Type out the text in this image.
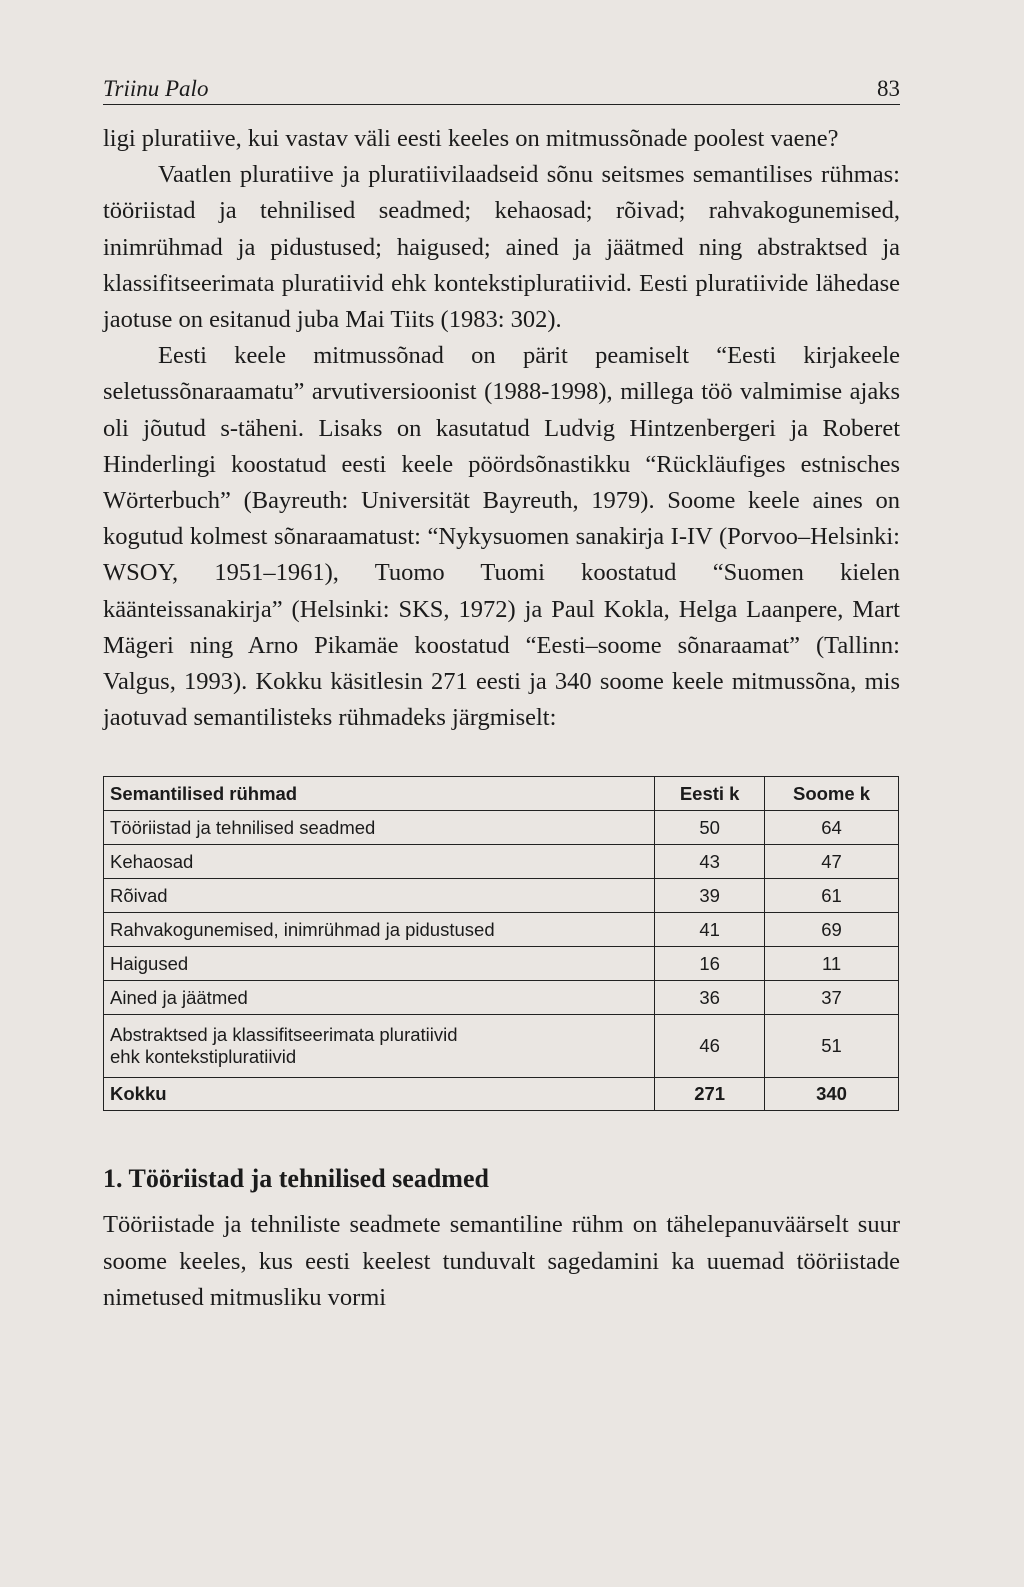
Triinu Palo	83

ligi pluratiive, kui vastav väli eesti keeles on mitmussõnade poolest vaene?

Vaatlen pluratiive ja pluratiivilaadseid sõnu seitsmes semantilises rühmas: tööriistad ja tehnilised seadmed; kehaosad; rõivad; rahvakogunemised, inimrühmad ja pidustused; haigused; ained ja jäätmed ning abstraktsed ja klassifitseerimata pluratiivid ehk kontekstipluratiivid. Eesti pluratiivide lähedase jaotuse on esitanud juba Mai Tiits (1983: 302).

Eesti keele mitmussõnad on pärit peamiselt “Eesti kirjakeele seletussõnaraamatu” arvutiversioonist (1988-1998), millega töö valmimise ajaks oli jõutud s-täheni. Lisaks on kasutatud Ludvig Hintzenbergeri ja Roberet Hinderlingi koostatud eesti keele pöördsõnastikku “Rückläufiges estnisches Wörterbuch” (Bayreuth: Universität Bayreuth, 1979). Soome keele aines on kogutud kolmest sõnaraamatust: “Nykysuomen sanakirja I-IV (Porvoo–Helsinki: WSOY, 1951–1961), Tuomo Tuomi koostatud “Suomen kielen käänteissanakirja” (Helsinki: SKS, 1972) ja Paul Kokla, Helga Laanpere, Mart Mägeri ning Arno Pikamäe koostatud “Eesti–soome sõnaraamat” (Tallinn: Valgus, 1993). Kokku käsitlesin 271 eesti ja 340 soome keele mitmussõna, mis jaotuvad semantilisteks rühmadeks järgmiselt:

Semantilised rühmad	Eesti k	Soome k
Tööriistad ja tehnilised seadmed	50	64
Kehaosad	43	47
Rõivad	39	61
Rahvakogunemised, inimrühmad ja pidustused	41	69
Haigused	16	11
Ained ja jäätmed	36	37
Abstraktsed ja klassifitseerimata pluratiivid
ehk kontekstipluratiivid	46	51
Kokku	271	340
1. Tööriistad ja tehnilised seadmed

Tööriistade ja tehniliste seadmete semantiline rühm on tähelepanuväärselt suur soome keeles, kus eesti keelest tunduvalt sagedamini ka uuemad tööriistade nimetused mitmusliku vormi
